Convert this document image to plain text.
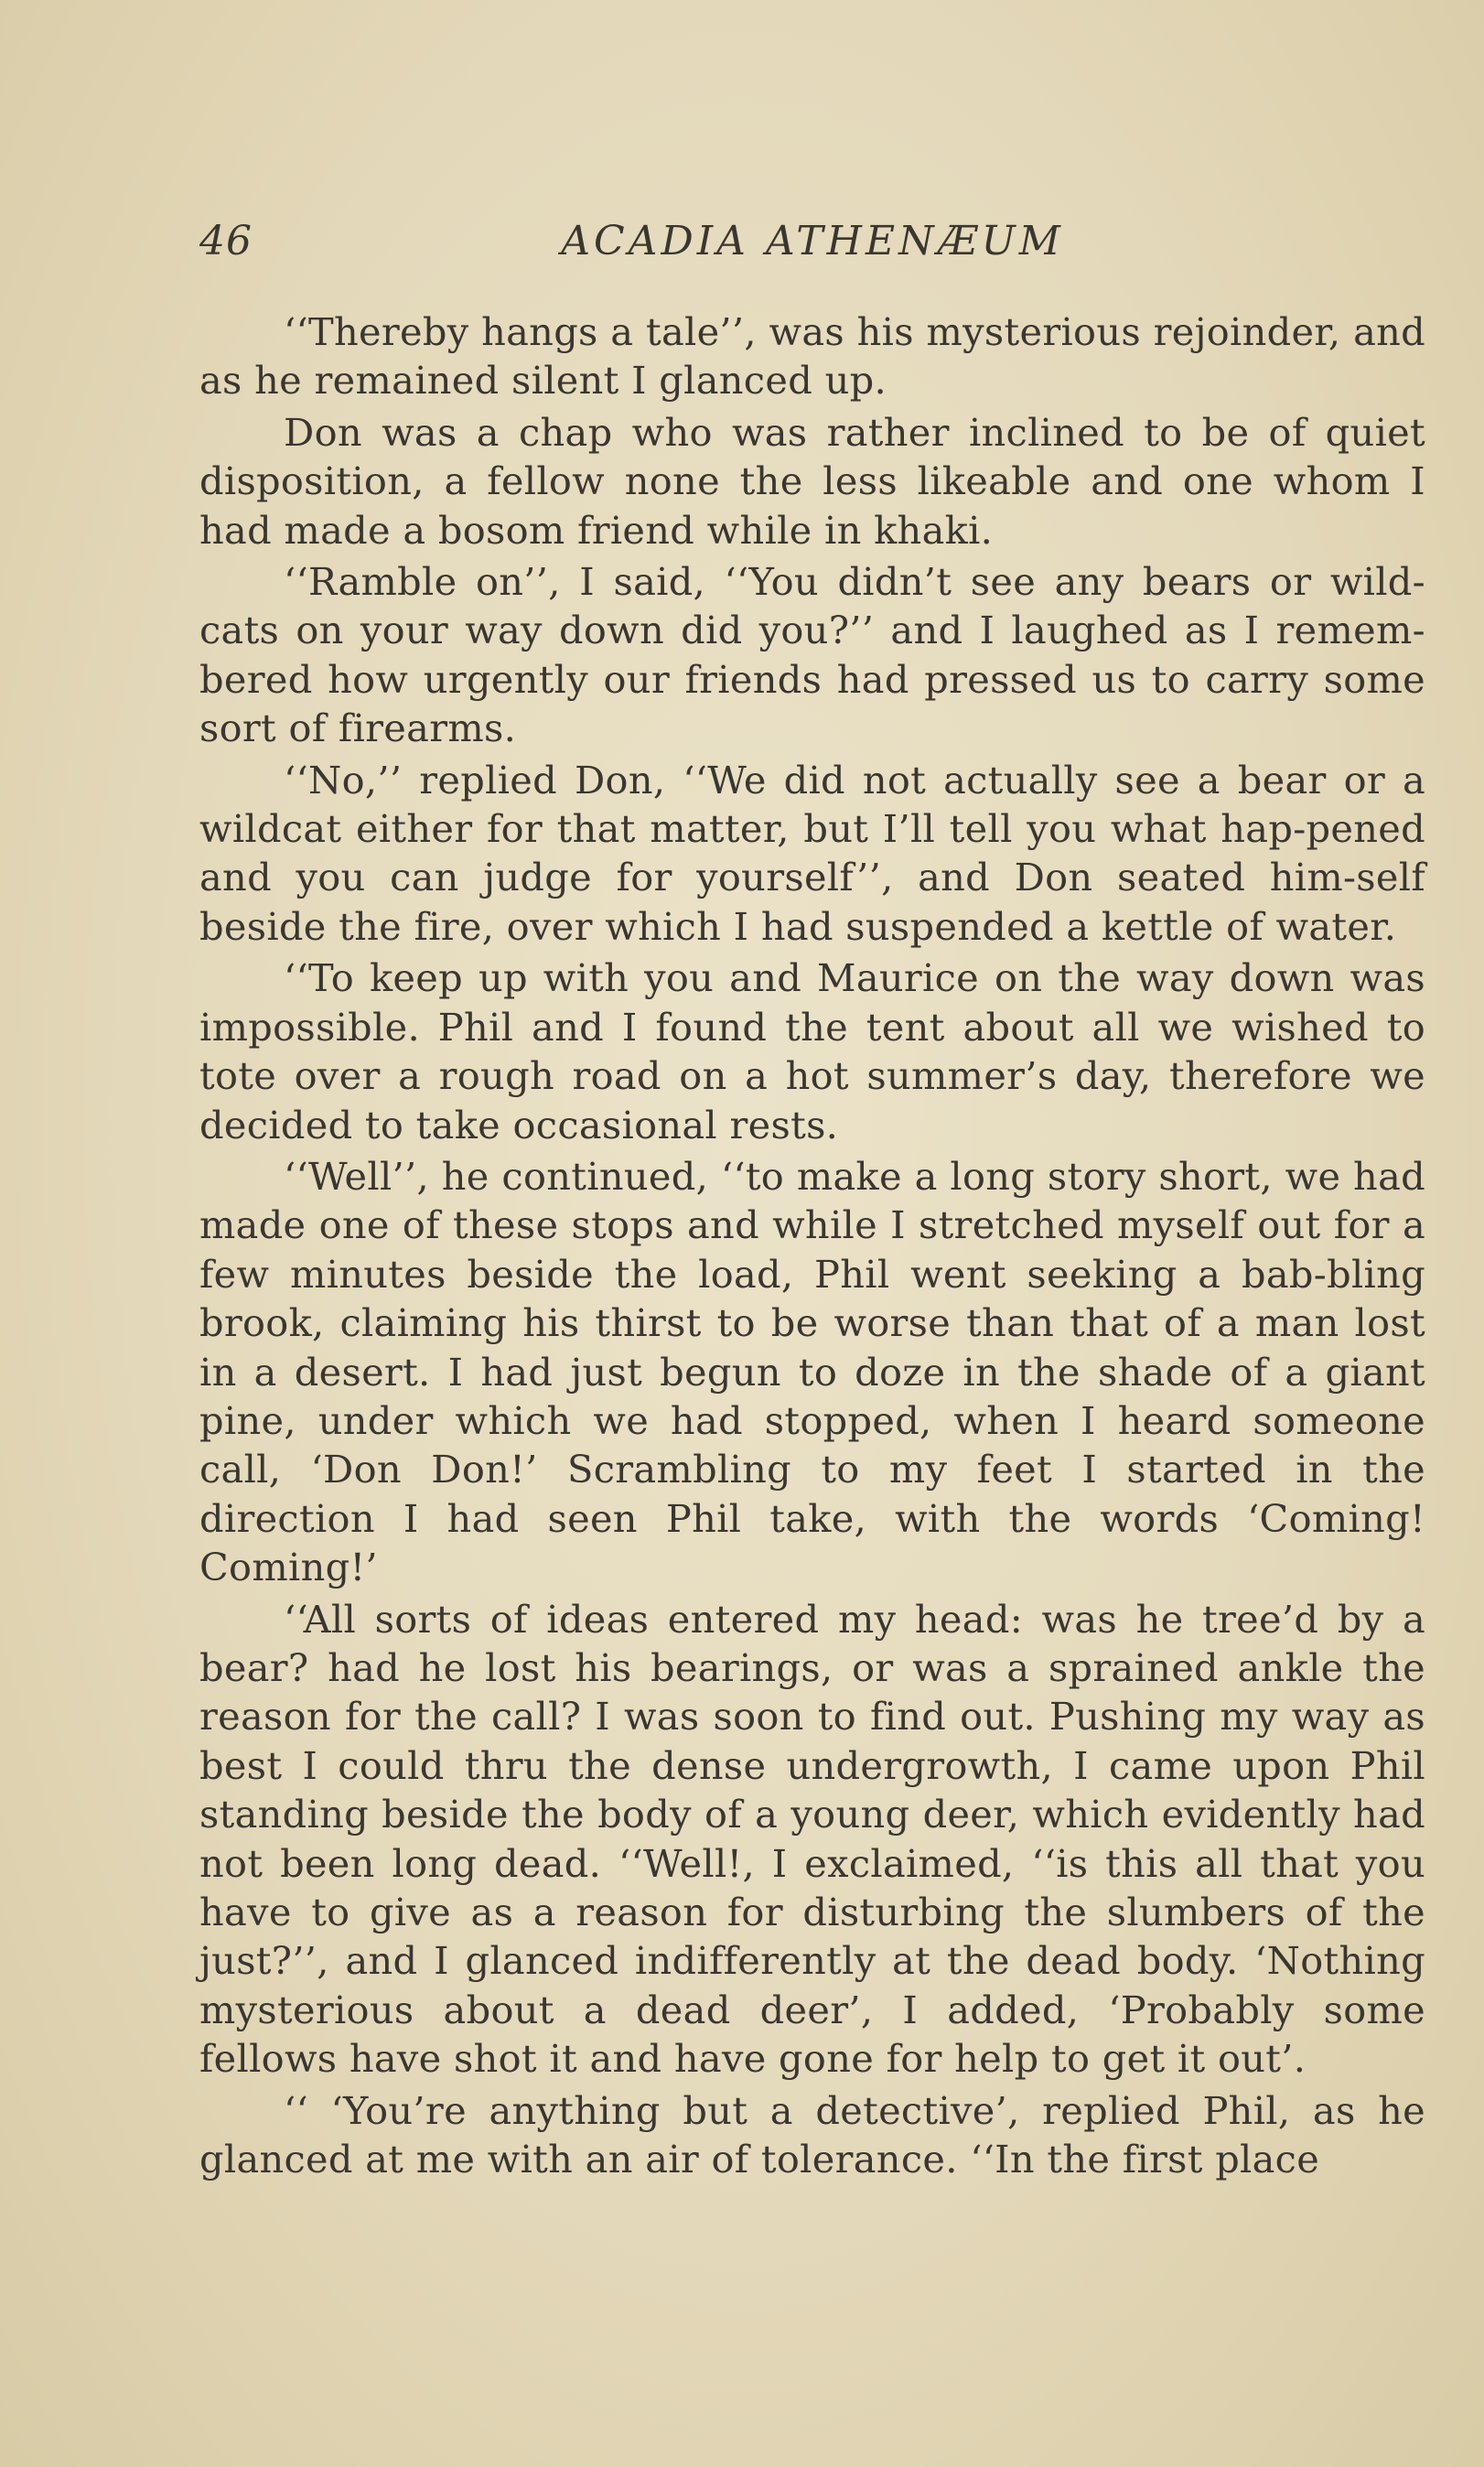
46	ACADIA ATHENÆUM

‘‘Thereby hangs a tale’’, was his mysterious rejoinder, and as he remained silent I glanced up.

Don was a chap who was rather inclined to be of quiet disposition, a fellow none the less likeable and one whom I had made a bosom friend while in khaki.

‘‘Ramble on’’, I said, ‘‘You didn’t see any bears or wild-cats on your way down did you?’’ and I laughed as I remem-bered how urgently our friends had pressed us to carry some sort of firearms.

‘‘No,’’ replied Don, ‘‘We did not actually see a bear or a wildcat either for that matter, but I’ll tell you what hap-pened and you can judge for yourself’’, and Don seated him-self beside the fire, over which I had suspended a kettle of water.

‘‘To keep up with you and Maurice on the way down was impossible. Phil and I found the tent about all we wished to tote over a rough road on a hot summer’s day, therefore we decided to take occasional rests.

‘‘Well’’, he continued, ‘‘to make a long story short, we had made one of these stops and while I stretched myself out for a few minutes beside the load, Phil went seeking a bab-bling brook, claiming his thirst to be worse than that of a man lost in a desert. I had just begun to doze in the shade of a giant pine, under which we had stopped, when I heard someone call, ‘Don Don!’ Scrambling to my feet I started in the direction I had seen Phil take, with the words ‘Coming! Coming!’

‘‘All sorts of ideas entered my head: was he tree’d by a bear? had he lost his bearings, or was a sprained ankle the reason for the call? I was soon to find out. Pushing my way as best I could thru the dense undergrowth, I came upon Phil standing beside the body of a young deer, which evidently had not been long dead. ‘‘Well!, I exclaimed, ‘‘is this all that you have to give as a reason for disturbing the slumbers of the just?’’, and I glanced indifferently at the dead body. ‘Nothing mysterious about a dead deer’, I added, ‘Probably some fellows have shot it and have gone for help to get it out’.

‘‘ ‘You’re anything but a detective’, replied Phil, as he glanced at me with an air of tolerance. ‘‘In the first place
